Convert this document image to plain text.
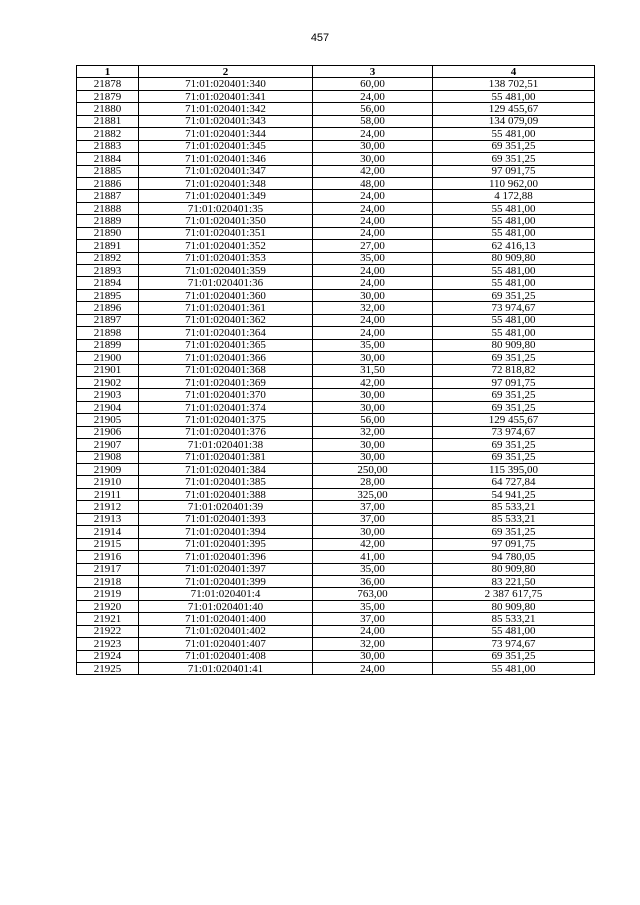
457
1	2	3	4
21878	71:01:020401:340	60,00	138 702,51
21879	71:01:020401:341	24,00	55 481,00
21880	71:01:020401:342	56,00	129 455,67
21881	71:01:020401:343	58,00	134 079,09
21882	71:01:020401:344	24,00	55 481,00
21883	71:01:020401:345	30,00	69 351,25
21884	71:01:020401:346	30,00	69 351,25
21885	71:01:020401:347	42,00	97 091,75
21886	71:01:020401:348	48,00	110 962,00
21887	71:01:020401:349	24,00	4 172,88
21888	71:01:020401:35	24,00	55 481,00
21889	71:01:020401:350	24,00	55 481,00
21890	71:01:020401:351	24,00	55 481,00
21891	71:01:020401:352	27,00	62 416,13
21892	71:01:020401:353	35,00	80 909,80
21893	71:01:020401:359	24,00	55 481,00
21894	71:01:020401:36	24,00	55 481,00
21895	71:01:020401:360	30,00	69 351,25
21896	71:01:020401:361	32,00	73 974,67
21897	71:01:020401:362	24,00	55 481,00
21898	71:01:020401:364	24,00	55 481,00
21899	71:01:020401:365	35,00	80 909,80
21900	71:01:020401:366	30,00	69 351,25
21901	71:01:020401:368	31,50	72 818,82
21902	71:01:020401:369	42,00	97 091,75
21903	71:01:020401:370	30,00	69 351,25
21904	71:01:020401:374	30,00	69 351,25
21905	71:01:020401:375	56,00	129 455,67
21906	71:01:020401:376	32,00	73 974,67
21907	71:01:020401:38	30,00	69 351,25
21908	71:01:020401:381	30,00	69 351,25
21909	71:01:020401:384	250,00	115 395,00
21910	71:01:020401:385	28,00	64 727,84
21911	71:01:020401:388	325,00	54 941,25
21912	71:01:020401:39	37,00	85 533,21
21913	71:01:020401:393	37,00	85 533,21
21914	71:01:020401:394	30,00	69 351,25
21915	71:01:020401:395	42,00	97 091,75
21916	71:01:020401:396	41,00	94 780,05
21917	71:01:020401:397	35,00	80 909,80
21918	71:01:020401:399	36,00	83 221,50
21919	71:01:020401:4	763,00	2 387 617,75
21920	71:01:020401:40	35,00	80 909,80
21921	71:01:020401:400	37,00	85 533,21
21922	71:01:020401:402	24,00	55 481,00
21923	71:01:020401:407	32,00	73 974,67
21924	71:01:020401:408	30,00	69 351,25
21925	71:01:020401:41	24,00	55 481,00
